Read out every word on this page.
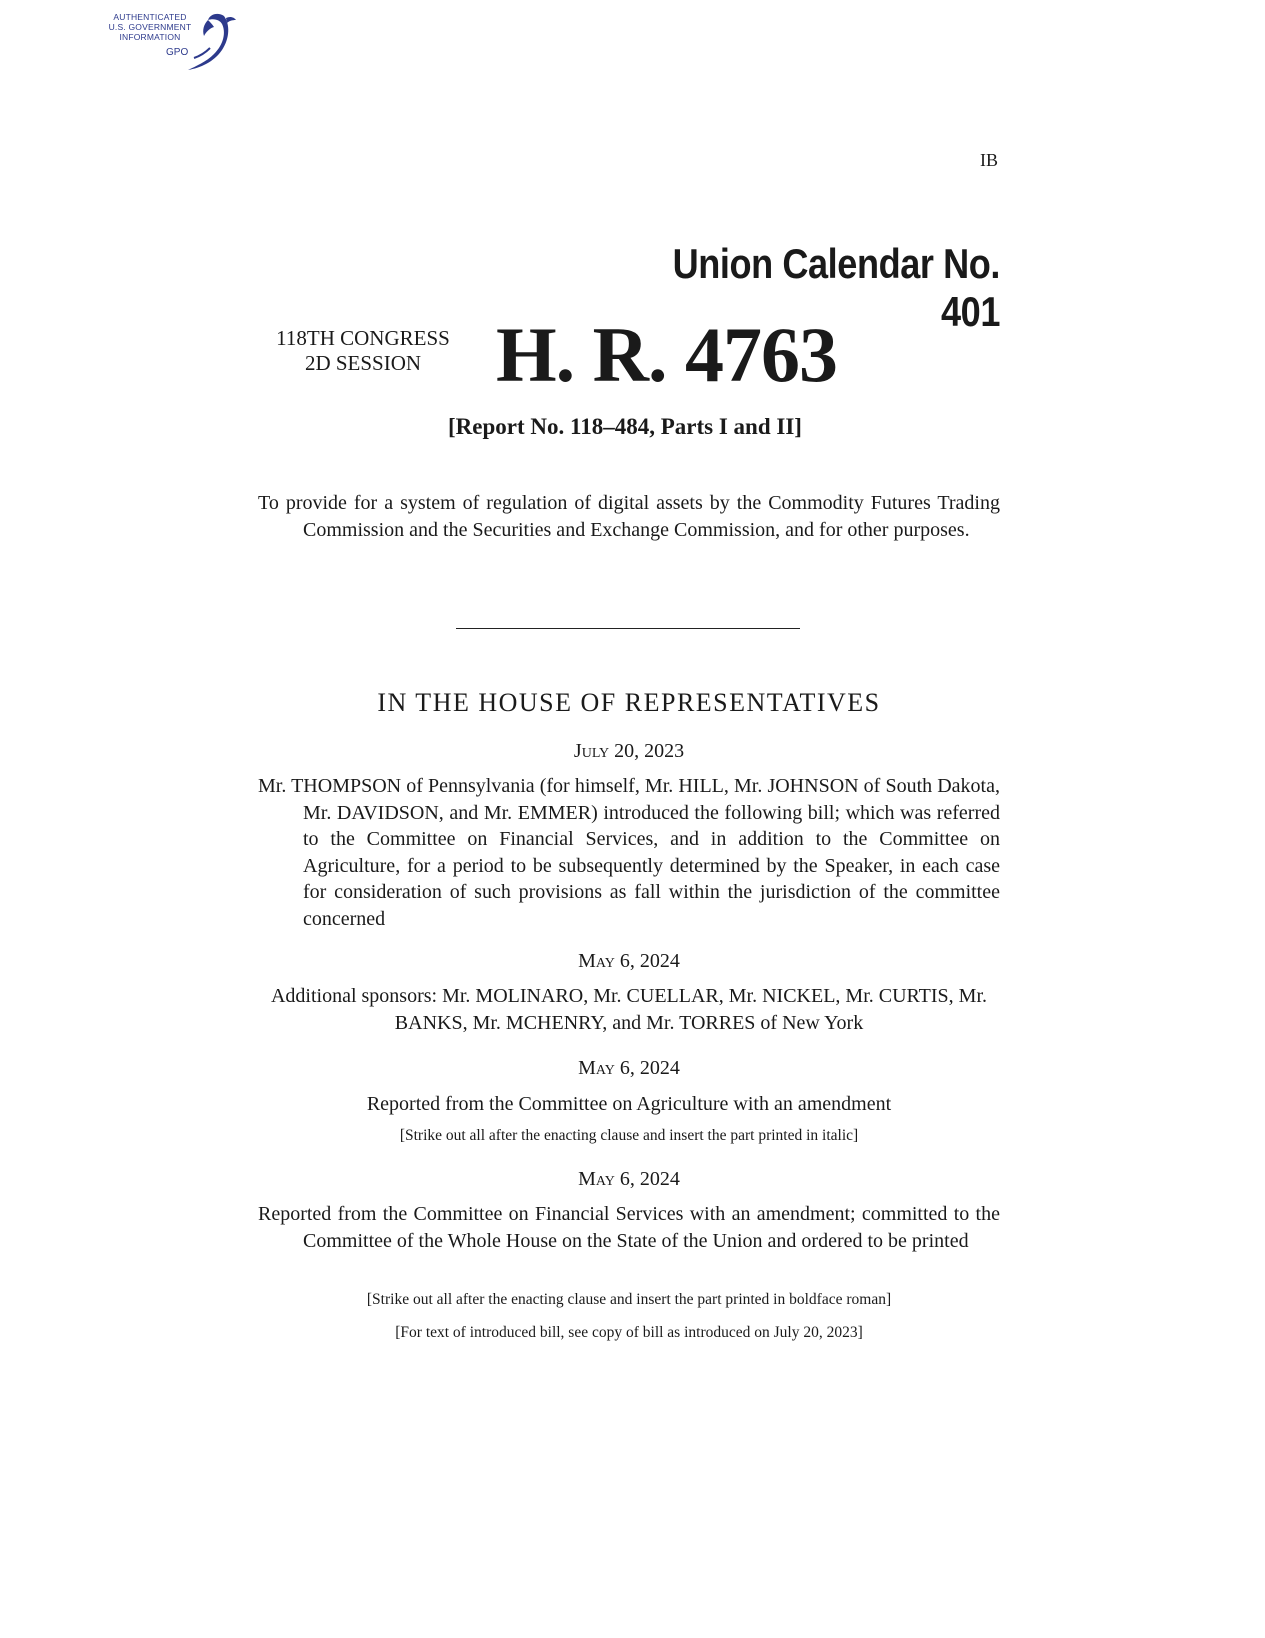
AUTHENTICATED
U.S. GOVERNMENT
INFORMATION
GPO
IB
Union Calendar No. 401
118TH CONGRESS
2D SESSION H. R. 4763
[Report No. 118–484, Parts I and II]
To provide for a system of regulation of digital assets by the Commodity Futures Trading Commission and the Securities and Exchange Commission, and for other purposes.
IN THE HOUSE OF REPRESENTATIVES
July 20, 2023
Mr. THOMPSON of Pennsylvania (for himself, Mr. HILL, Mr. JOHNSON of South Dakota, Mr. DAVIDSON, and Mr. EMMER) introduced the following bill; which was referred to the Committee on Financial Services, and in addition to the Committee on Agriculture, for a period to be subsequently determined by the Speaker, in each case for consideration of such provisions as fall within the jurisdiction of the committee concerned
May 6, 2024
Additional sponsors: Mr. MOLINARO, Mr. CUELLAR, Mr. NICKEL, Mr. CURTIS, Mr. BANKS, Mr. MCHENRY, and Mr. TORRES of New York
May 6, 2024
Reported from the Committee on Agriculture with an amendment
[Strike out all after the enacting clause and insert the part printed in italic]
May 6, 2024
Reported from the Committee on Financial Services with an amendment; committed to the Committee of the Whole House on the State of the Union and ordered to be printed
[Strike out all after the enacting clause and insert the part printed in boldface roman]
[For text of introduced bill, see copy of bill as introduced on July 20, 2023]
